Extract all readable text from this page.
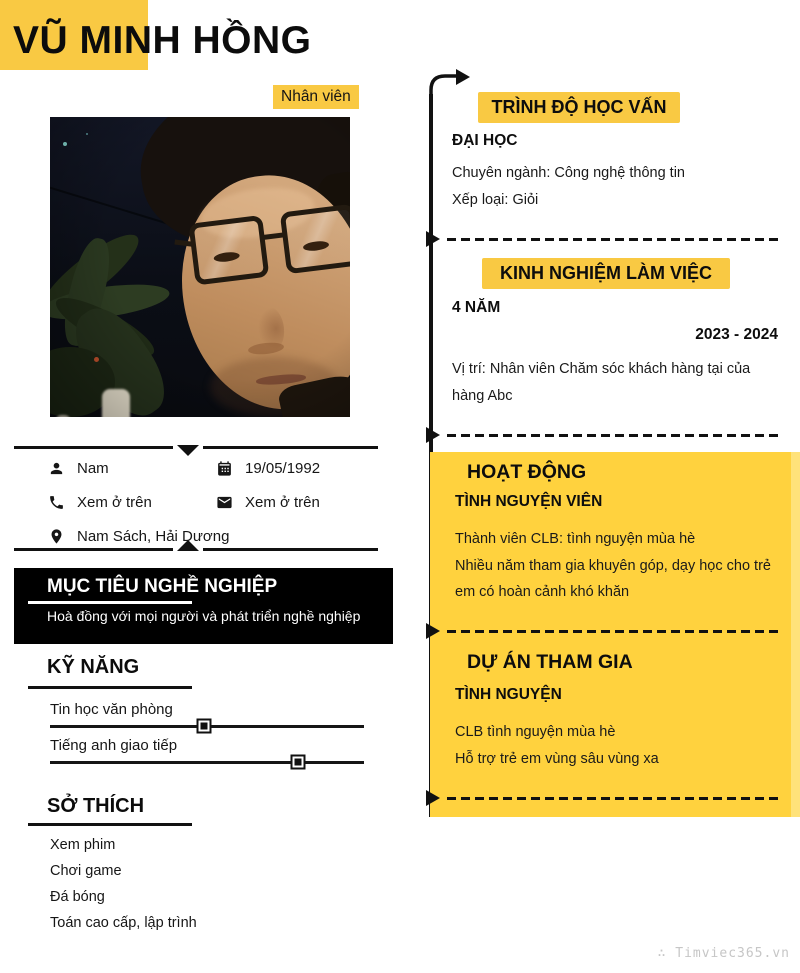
VŨ MINH HỒNG
Nhân viên
Nam
Xem ở trên
Nam Sách, Hải Dương
19/05/1992
Xem ở trên
MỤC TIÊU NGHỀ NGHIỆP
Hoà đồng với mọi người và phát triển nghề nghiệp
KỸ NĂNG
Tin học văn phòng
Tiếng anh giao tiếp
SỞ THÍCH
Xem phim
Chơi game
Đá bóng
Toán cao cấp, lập trình
TRÌNH ĐỘ HỌC VẤN
ĐẠI HỌC
Chuyên ngành: Công nghệ thông tin
Xếp loại: Giỏi
KINH NGHIỆM LÀM VIỆC
4 NĂM
2023 - 2024
Vị trí: Nhân viên Chăm sóc khách hàng tại của hàng Abc
HOẠT ĐỘNG
TÌNH NGUYỆN VIÊN
Thành viên CLB: tình nguyện mùa hè
Nhiều năm tham gia khuyên góp, dạy học cho trẻ em có hoàn cảnh khó khăn
DỰ ÁN THAM GIA
TÌNH NGUYỆN
CLB tình nguyện mùa hè
Hỗ trợ trẻ em vùng sâu vùng xa
∴ Timviec365.vn
